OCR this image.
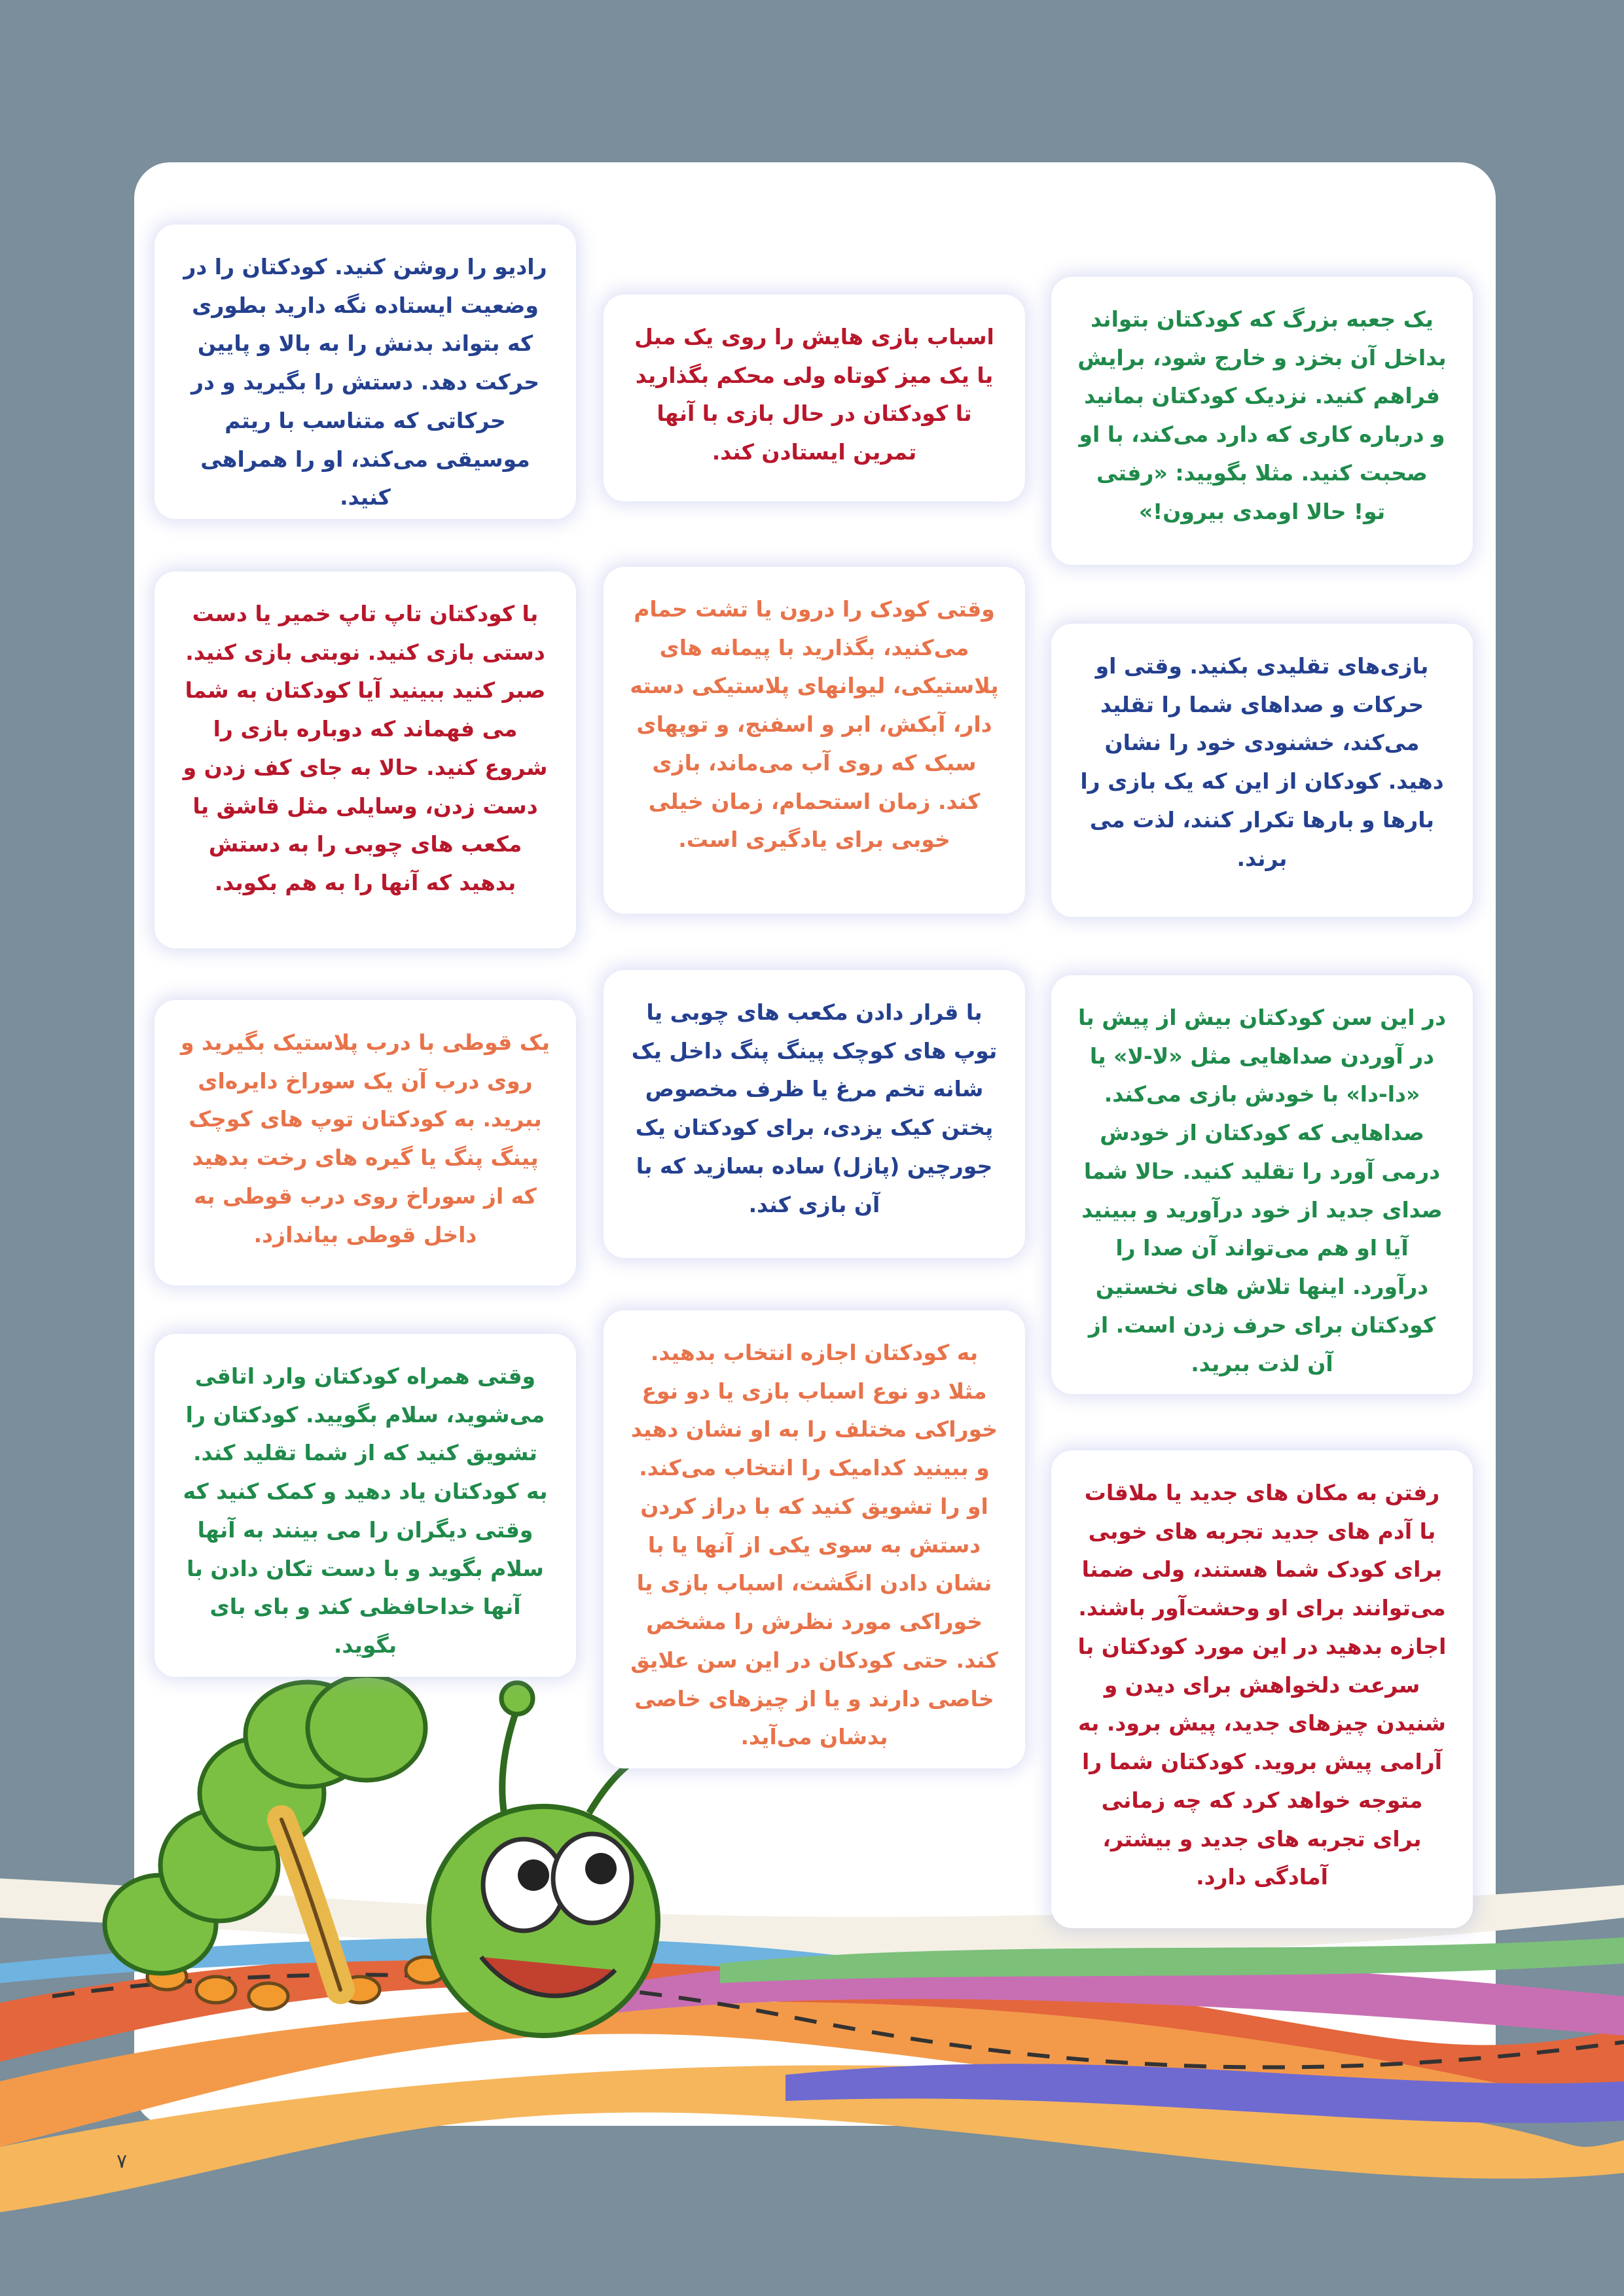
یک جعبه بزرگ که کودکتان بتواند بداخل آن بخزد و خارج شود، برایش فراهم کنید. نزدیک کودکتان بمانید و درباره کاری که دارد می‌کند، با او صحبت کنید. مثلا بگویید: «رفتی تو! حالا اومدی بیرون!»
بازی‌های تقلیدی بکنید. وقتی او حرکات و صداهای شما را تقلید می‌کند، خشنودی خود را نشان دهید. کودکان از این که یک بازی را بارها و بارها تکرار کنند، لذت می برند.
در این سن کودکتان بیش از پیش با در آوردن صداهایی مثل «لا-لا» یا «دا-دا» با خودش بازی می‌کند. صداهایی که کودکتان از خودش درمی آورد را تقلید کنید. حالا شما صدای جدید از خود درآورید و ببینید آیا او هم می‌تواند آن صدا را درآورد. اینها تلاش های نخستین کودکتان برای حرف زدن است. از آن لذت ببرید.
رفتن به مکان های جدید یا ملاقات با آدم های جدید تجربه های خوبی برای کودک شما هستند، ولی ضمنا می‌توانند برای او وحشت‌آور باشند. اجازه بدهید در این مورد کودکتان با سرعت دلخواهش برای دیدن و شنیدن چیزهای جدید، پیش برود. به آرامی پیش بروید. کودکتان شما را متوجه خواهد کرد که چه زمانی برای تجربه های جدید و بیشتر، آمادگی دارد.
اسباب بازی هایش را روی یک مبل یا یک میز کوتاه ولی محکم بگذارید تا کودکتان در حال بازی با آنها تمرین ایستادن کند.
وقتی کودک را درون یا تشت حمام می‌کنید، بگذارید با پیمانه های پلاستیکی، لیوانهای پلاستیکی دسته دار، آبکش، ابر و اسفنج، و توپهای سبک که روی آب می‌ماند، بازی کند. زمان استحمام، زمان خیلی خوبی برای یادگیری است.
با قرار دادن مکعب های چوبی یا توپ های کوچک پینگ پنگ داخل یک شانه تخم مرغ یا ظرف مخصوص پختن کیک یزدی، برای کودکتان یک جورچین (پازل) ساده بسازید که با آن بازی کند.
به کودکتان اجازه انتخاب بدهید. مثلا دو نوع اسباب بازی یا دو نوع خوراکی مختلف را به او نشان دهید و ببینید کدامیک را انتخاب می‌کند. او را تشویق کنید که با دراز کردن دستش به سوی یکی از آنها یا با نشان دادن انگشت، اسباب بازی یا خوراکی مورد نظرش را مشخص کند. حتی کودکان در این سن علایق خاصی دارند و یا از چیزهای خاصی بدشان می‌آید.
رادیو را روشن کنید. کودکتان را در وضعیت ایستاده نگه دارید بطوری که بتواند بدنش را به بالا و پایین حرکت دهد. دستش را بگیرید و در حرکاتی که متناسب با ریتم موسیقی می‌کند، او را همراهی کنید.
با کودکتان تاپ تاپ خمیر یا دست دستی بازی کنید. نوبتی بازی کنید. صبر کنید ببینید آیا کودکتان به شما می فهماند که دوباره بازی را شروع کنید. حالا به جای کف زدن و دست زدن، وسایلی مثل قاشق یا مکعب های چوبی را به دستش بدهید که آنها را به هم بکوبد.
یک قوطی با درب پلاستیک بگیرید و روی درب آن یک سوراخ دایره‌ای ببرید. به کودکتان توپ های کوچک پینگ پنگ یا گیره های رخت بدهید که از سوراخ روی درب قوطی به داخل قوطی بیاندازد.
وقتی همراه کودکتان وارد اتاقی می‌شوید، سلام بگویید. کودکتان را تشویق کنید که از شما تقلید کند. به کودکتان یاد دهید و کمک کنید که وقتی دیگران را می بینند به آنها سلام بگوید و با دست تکان دادن با آنها خداحافظی کند و بای بای بگوید.
۷
